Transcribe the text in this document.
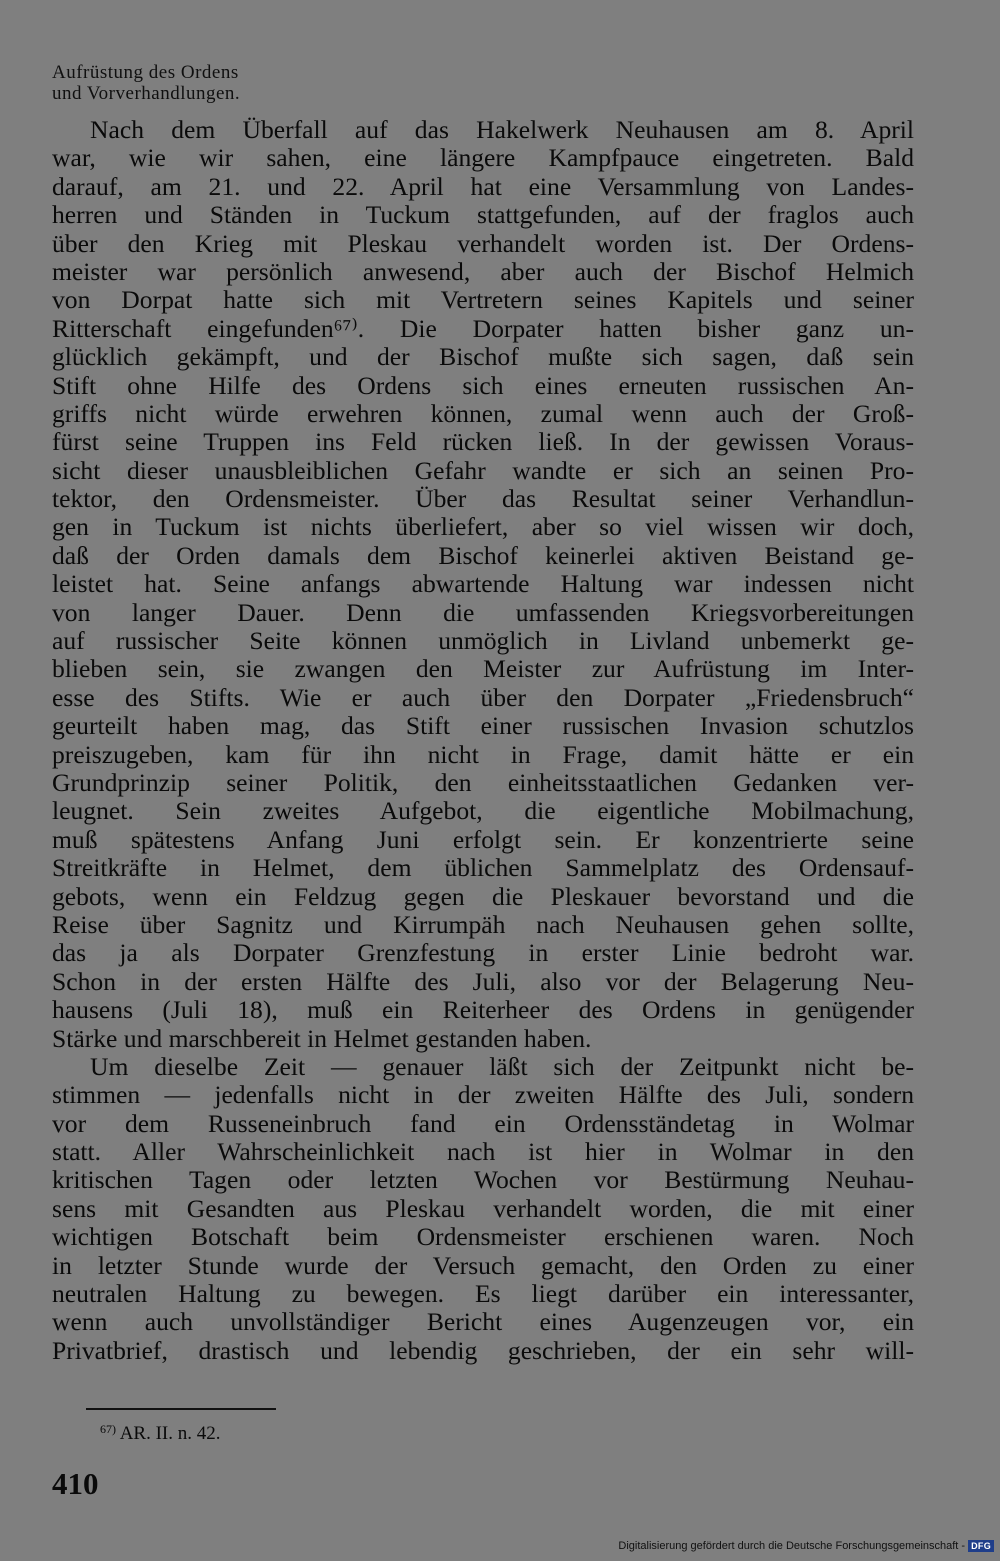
Aufrüstung des Ordens
und Vorverhandlungen.
Nach dem Überfall auf das Hakelwerk Neuhausen am 8. April
war, wie wir sahen, eine längere Kampfpauce eingetreten. Bald
darauf, am 21. und 22. April hat eine Versammlung von Landes-
herren und Ständen in Tuckum stattgefunden, auf der fraglos auch
über den Krieg mit Pleskau verhandelt worden ist. Der Ordens-
meister war persönlich anwesend, aber auch der Bischof Helmich
von Dorpat hatte sich mit Vertretern seines Kapitels und seiner
Ritterschaft eingefunden⁶⁷⁾. Die Dorpater hatten bisher ganz un-
glücklich gekämpft, und der Bischof mußte sich sagen, daß sein
Stift ohne Hilfe des Ordens sich eines erneuten russischen An-
griffs nicht würde erwehren können, zumal wenn auch der Groß-
fürst seine Truppen ins Feld rücken ließ. In der gewissen Voraus-
sicht dieser unausbleiblichen Gefahr wandte er sich an seinen Pro-
tektor, den Ordensmeister. Über das Resultat seiner Verhandlun-
gen in Tuckum ist nichts überliefert, aber so viel wissen wir doch,
daß der Orden damals dem Bischof keinerlei aktiven Beistand ge-
leistet hat. Seine anfangs abwartende Haltung war indessen nicht
von langer Dauer. Denn die umfassenden Kriegsvorbereitungen
auf russischer Seite können unmöglich in Livland unbemerkt ge-
blieben sein, sie zwangen den Meister zur Aufrüstung im Inter-
esse des Stifts. Wie er auch über den Dorpater „Friedensbruch“
geurteilt haben mag, das Stift einer russischen Invasion schutzlos
preiszugeben, kam für ihn nicht in Frage, damit hätte er ein
Grundprinzip seiner Politik, den einheitsstaatlichen Gedanken ver-
leugnet. Sein zweites Aufgebot, die eigentliche Mobilmachung,
muß spätestens Anfang Juni erfolgt sein. Er konzentrierte seine
Streitkräfte in Helmet, dem üblichen Sammelplatz des Ordensauf-
gebots, wenn ein Feldzug gegen die Pleskauer bevorstand und die
Reise über Sagnitz und Kirrumpäh nach Neuhausen gehen sollte,
das ja als Dorpater Grenzfestung in erster Linie bedroht war.
Schon in der ersten Hälfte des Juli, also vor der Belagerung Neu-
hausens (Juli 18), muß ein Reiterheer des Ordens in genügender
Stärke und marschbereit in Helmet gestanden haben.
Um dieselbe Zeit — genauer läßt sich der Zeitpunkt nicht be-
stimmen — jedenfalls nicht in der zweiten Hälfte des Juli, sondern
vor dem Russeneinbruch fand ein Ordensständetag in Wolmar
statt. Aller Wahrscheinlichkeit nach ist hier in Wolmar in den
kritischen Tagen oder letzten Wochen vor Bestürmung Neuhau-
sens mit Gesandten aus Pleskau verhandelt worden, die mit einer
wichtigen Botschaft beim Ordensmeister erschienen waren. Noch
in letzter Stunde wurde der Versuch gemacht, den Orden zu einer
neutralen Haltung zu bewegen. Es liegt darüber ein interessanter,
wenn auch unvollständiger Bericht eines Augenzeugen vor, ein
Privatbrief, drastisch und lebendig geschrieben, der ein sehr will-
$^{67)}$ AR. II. n. 42.
410
Digitalisierung gefördert durch die Deutsche Forschungsgemeinschaft - DFG
